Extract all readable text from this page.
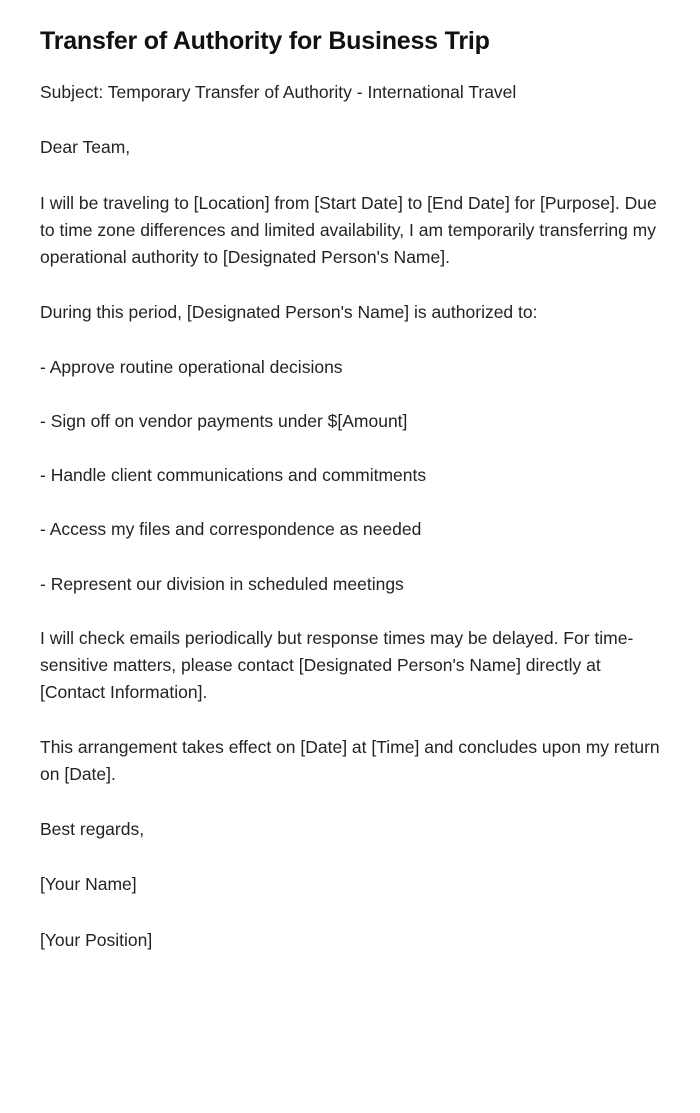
Transfer of Authority for Business Trip

Subject: Temporary Transfer of Authority - International Travel

Dear Team,

I will be traveling to [Location] from [Start Date] to [End Date] for [Purpose]. Due to time zone differences and limited availability, I am temporarily transferring my operational authority to [Designated Person's Name].

During this period, [Designated Person's Name] is authorized to:

- Approve routine operational decisions

- Sign off on vendor payments under $[Amount]

- Handle client communications and commitments

- Access my files and correspondence as needed

- Represent our division in scheduled meetings

I will check emails periodically but response times may be delayed. For time-sensitive matters, please contact [Designated Person's Name] directly at [Contact Information].

This arrangement takes effect on [Date] at [Time] and concludes upon my return on [Date].

Best regards,

[Your Name]

[Your Position]
